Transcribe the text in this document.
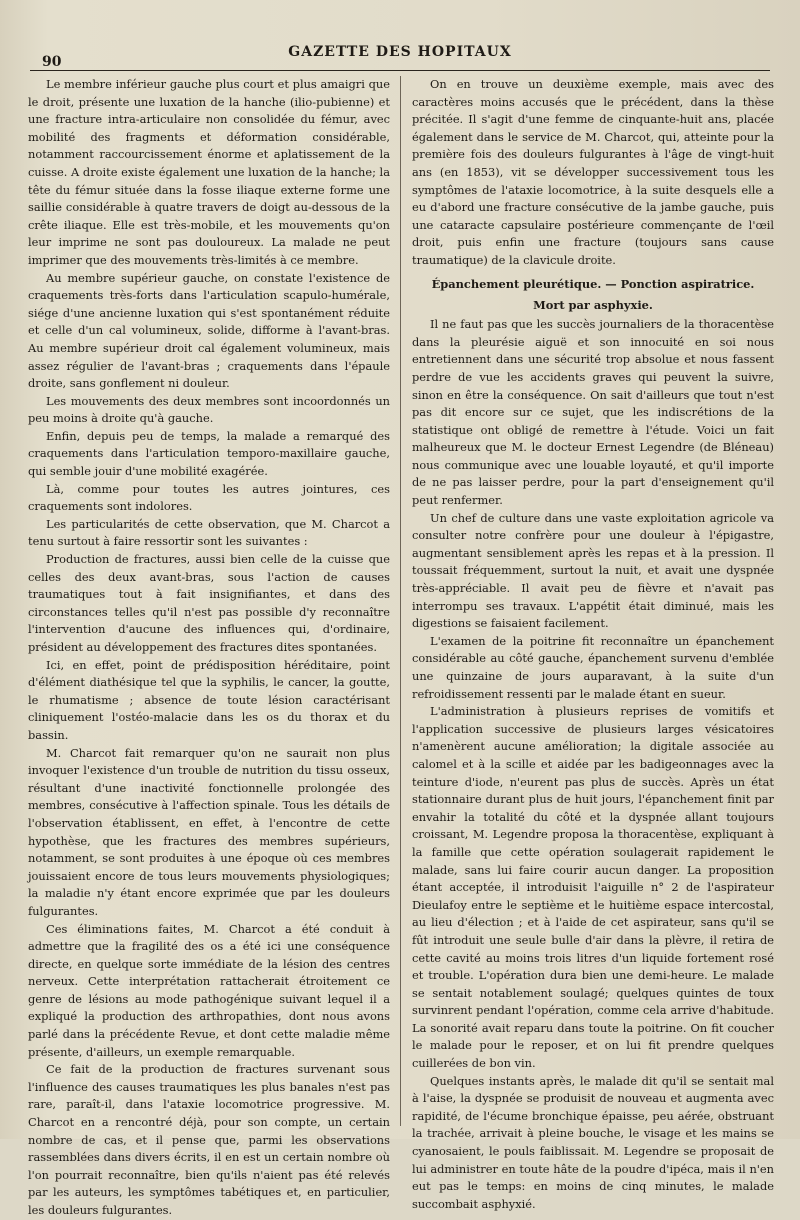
90
GAZETTE DES HOPITAUX

Le membre inférieur gauche plus court et plus amaigri que le droit, présente une luxation de la hanche (ilio-pubienne) et une fracture intra-articulaire non consolidée du fémur, avec mobilité des fragments et déformation considérable, notamment raccourcissement énorme et aplatissement de la cuisse. A droite existe également une luxation de la hanche; la tête du fémur située dans la fosse iliaque externe forme une saillie considérable à quatre travers de doigt au-dessous de la crête iliaque. Elle est très-mobile, et les mouvements qu'on leur imprime ne sont pas douloureux. La malade ne peut imprimer que des mouvements très-limités à ce membre.

Au membre supérieur gauche, on constate l'existence de craquements très-forts dans l'articulation scapulo-humérale, siége d'une ancienne luxation qui s'est spontanément réduite et celle d'un cal volumineux, solide, difforme à l'avant-bras. Au membre supérieur droit cal également volumineux, mais assez régulier de l'avant-bras ; craquements dans l'épaule droite, sans gonflement ni douleur.

Les mouvements des deux membres sont incoordonnés un peu moins à droite qu'à gauche.

Enfin, depuis peu de temps, la malade a remarqué des craquements dans l'articulation temporo-maxillaire gauche, qui semble jouir d'une mobilité exagérée.

Là, comme pour toutes les autres jointures, ces craquements sont indolores.

Les particularités de cette observation, que M. Charcot a tenu surtout à faire ressortir sont les suivantes :

Production de fractures, aussi bien celle de la cuisse que celles des deux avant-bras, sous l'action de causes traumatiques tout à fait insignifiantes, et dans des circonstances telles qu'il n'est pas possible d'y reconnaître l'intervention d'aucune des influences qui, d'ordinaire, président au développement des fractures dites spontanées.

Ici, en effet, point de prédisposition héréditaire, point d'élément diathésique tel que la syphilis, le cancer, la goutte, le rhumatisme ; absence de toute lésion caractérisant cliniquement l'ostéo-malacie dans les os du thorax et du bassin.

M. Charcot fait remarquer qu'on ne saurait non plus invoquer l'existence d'un trouble de nutrition du tissu osseux, résultant d'une inactivité fonctionnelle prolongée des membres, consécutive à l'affection spinale. Tous les détails de l'observation établissent, en effet, à l'encontre de cette hypothèse, que les fractures des membres supérieurs, notamment, se sont produites à une époque où ces membres jouissaient encore de tous leurs mouvements physiologiques; la maladie n'y étant encore exprimée que par les douleurs fulgurantes.

Ces éliminations faites, M. Charcot a été conduit à admettre que la fragilité des os a été ici une conséquence directe, en quelque sorte immédiate de la lésion des centres nerveux. Cette interprétation rattacherait étroitement ce genre de lésions au mode pathogénique suivant lequel il a expliqué la production des arthropathies, dont nous avons parlé dans la précédente Revue, et dont cette maladie même présente, d'ailleurs, un exemple remarquable.

Ce fait de la production de fractures survenant sous l'influence des causes traumatiques les plus banales n'est pas rare, paraît-il, dans l'ataxie locomotrice progressive. M. Charcot en a rencontré déjà, pour son compte, un certain nombre de cas, et il pense que, parmi les observations rassemblées dans divers écrits, il en est un certain nombre où l'on pourrait reconnaître, bien qu'ils n'aient pas été relevés par les auteurs, les symptômes tabétiques et, en particulier, les douleurs fulgurantes.

On en trouve un deuxième exemple, mais avec des caractères moins accusés que le précédent, dans la thèse précitée. Il s'agit d'une femme de cinquante-huit ans, placée également dans le service de M. Charcot, qui, atteinte pour la première fois des douleurs fulgurantes à l'âge de vingt-huit ans (en 1853), vit se développer successivement tous les symptômes de l'ataxie locomotrice, à la suite desquels elle a eu d'abord une fracture consécutive de la jambe gauche, puis une cataracte capsulaire postérieure commençante de l'œil droit, puis enfin une fracture (toujours sans cause traumatique) de la clavicule droite.

Épanchement pleurétique. — Ponction aspiratrice.
Mort par asphyxie.

Il ne faut pas que les succès journaliers de la thoracentèse dans la pleurésie aiguë et son innocuité en soi nous entretiennent dans une sécurité trop absolue et nous fassent perdre de vue les accidents graves qui peuvent la suivre, sinon en être la conséquence. On sait d'ailleurs que tout n'est pas dit encore sur ce sujet, que les indiscrétions de la statistique ont obligé de remettre à l'étude. Voici un fait malheureux que M. le docteur Ernest Legendre (de Bléneau) nous communique avec une louable loyauté, et qu'il importe de ne pas laisser perdre, pour la part d'enseignement qu'il peut renfermer.

Un chef de culture dans une vaste exploitation agricole va consulter notre confrère pour une douleur à l'épigastre, augmentant sensiblement après les repas et à la pression. Il toussait fréquemment, surtout la nuit, et avait une dyspnée très-appréciable. Il avait peu de fièvre et n'avait pas interrompu ses travaux. L'appétit était diminué, mais les digestions se faisaient facilement.

L'examen de la poitrine fit reconnaître un épanchement considérable au côté gauche, épanchement survenu d'emblée une quinzaine de jours auparavant, à la suite d'un refroidissement ressenti par le malade étant en sueur.

L'administration à plusieurs reprises de vomitifs et l'application successive de plusieurs larges vésicatoires n'amenèrent aucune amélioration; la digitale associée au calomel et à la scille et aidée par les badigeonnages avec la teinture d'iode, n'eurent pas plus de succès. Après un état stationnaire durant plus de huit jours, l'épanchement finit par envahir la totalité du côté et la dyspnée allant toujours croissant, M. Legendre proposa la thoracentèse, expliquant à la famille que cette opération soulagerait rapidement le malade, sans lui faire courir aucun danger. La proposition étant acceptée, il introduisit l'aiguille n° 2 de l'aspirateur Dieulafoy entre le septième et le huitième espace intercostal, au lieu d'élection ; et à l'aide de cet aspirateur, sans qu'il se fût introduit une seule bulle d'air dans la plèvre, il retira de cette cavité au moins trois litres d'un liquide fortement rosé et trouble. L'opération dura bien une demi-heure. Le malade se sentait notablement soulagé; quelques quintes de toux survinrent pendant l'opération, comme cela arrive d'habitude. La sonorité avait reparu dans toute la poitrine. On fit coucher le malade pour le reposer, et on lui fit prendre quelques cuillerées de bon vin.

Quelques instants après, le malade dit qu'il se sentait mal à l'aise, la dyspnée se produisit de nouveau et augmenta avec rapidité, de l'écume bronchique épaisse, peu aérée, obstruant la trachée, arrivait à pleine bouche, le visage et les mains se cyanosaient, le pouls faiblissait. M. Legendre se proposait de lui administrer en toute hâte de la poudre d'ipéca, mais il n'en eut pas le temps: en moins de cinq minutes, le malade succombait asphyxié.
